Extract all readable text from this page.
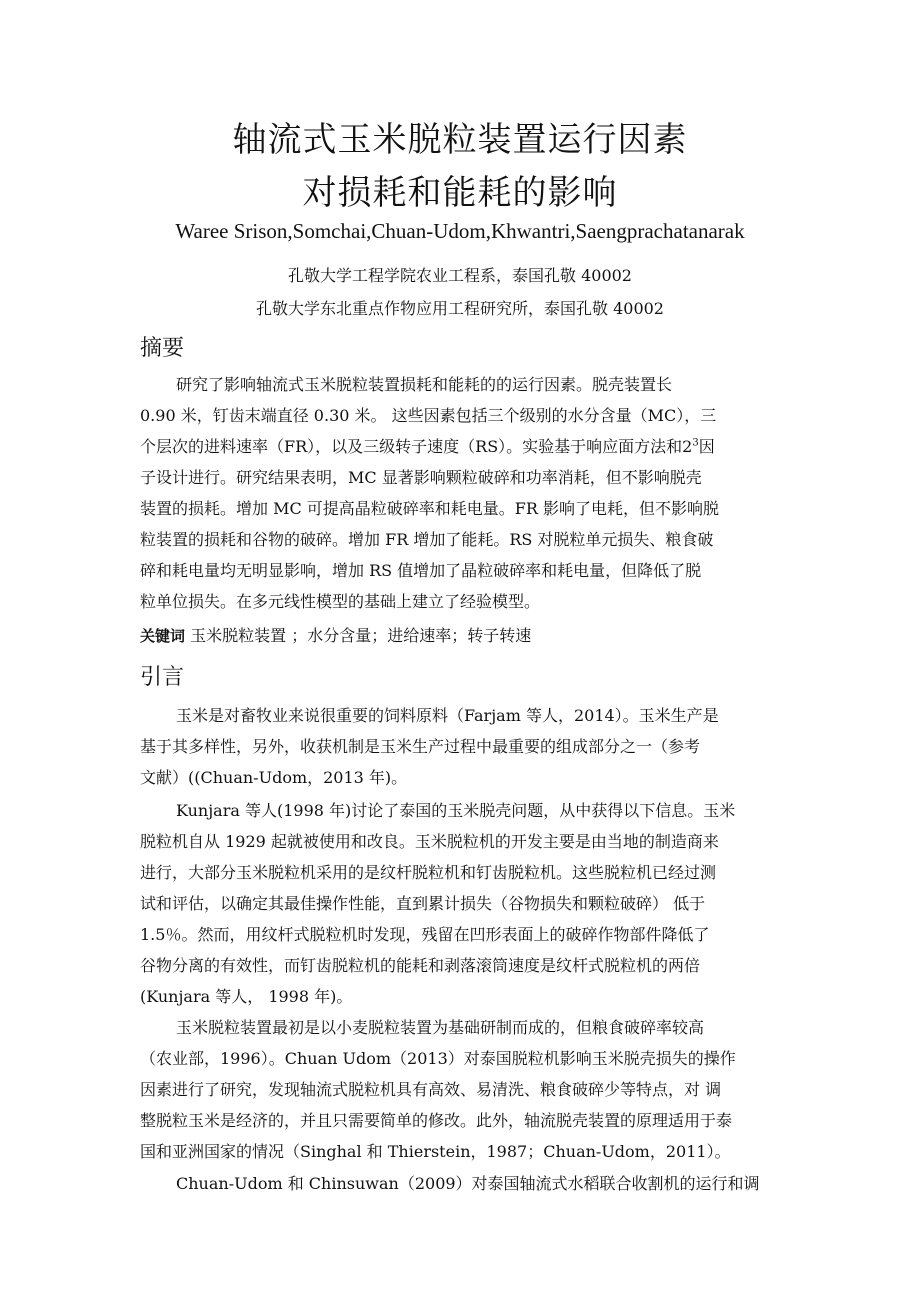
轴流式玉米脱粒装置运行因素
对损耗和能耗的影响
Waree Srison,Somchai,Chuan-Udom,Khwantri,Saengprachatanarak
孔敬大学工程学院农业工程系，泰国孔敬 40002
孔敬大学东北重点作物应用工程研究所，泰国孔敬 40002
摘要
研究了影响轴流式玉米脱粒装置损耗和能耗的的运行因素。脱壳装置长
0.90 米，钉齿末端直径 0.30 米。 这些因素包括三个级别的水分含量（MC），三
个层次的进料速率（FR），以及三级转子速度（RS）。实验基于响应面方法和$2^3$因
子设计进行。研究结果表明，MC 显著影响颗粒破碎和功率消耗，但不影响脱壳
装置的损耗。增加 MC 可提高晶粒破碎率和耗电量。FR 影响了电耗，但不影响脱
粒装置的损耗和谷物的破碎。增加 FR 增加了能耗。RS 对脱粒单元损失、粮食破
碎和耗电量均无明显影响，增加 RS 值增加了晶粒破碎率和耗电量，但降低了脱
粒单位损失。在多元线性模型的基础上建立了经验模型。
关键词 玉米脱粒装置 ；水分含量；进给速率；转子转速
引言
玉米是对畜牧业来说很重要的饲料原料（Farjam 等人，2014）。玉米生产是
基于其多样性，另外，收获机制是玉米生产过程中最重要的组成部分之一（参考
文献）((Chuan-Udom，2013 年)。
Kunjara 等人(1998 年)讨论了泰国的玉米脱壳问题，从中获得以下信息。玉米
脱粒机自从 1929 起就被使用和改良。玉米脱粒机的开发主要是由当地的制造商来
进行，大部分玉米脱粒机采用的是纹杆脱粒机和钉齿脱粒机。这些脱粒机已经过测
试和评估，以确定其最佳操作性能，直到累计损失（谷物损失和颗粒破碎） 低于
1.5％。然而，用纹杆式脱粒机时发现，残留在凹形表面上的破碎作物部件降低了
谷物分离的有效性，而钉齿脱粒机的能耗和剥落滚筒速度是纹杆式脱粒机的两倍
(Kunjara 等人， 1998 年)。
玉米脱粒装置最初是以小麦脱粒装置为基础研制而成的，但粮食破碎率较高
（农业部，1996）。Chuan Udom（2013）对泰国脱粒机影响玉米脱壳损失的操作
因素进行了研究，发现轴流式脱粒机具有高效、易清洗、粮食破碎少等特点，对 调
整脱粒玉米是经济的，并且只需要简单的修改。此外，轴流脱壳装置的原理适用于泰
国和亚洲国家的情况（Singhal 和 Thierstein，1987；Chuan-Udom，2011）。
Chuan-Udom 和 Chinsuwan（2009）对泰国轴流式水稻联合收割机的运行和调
